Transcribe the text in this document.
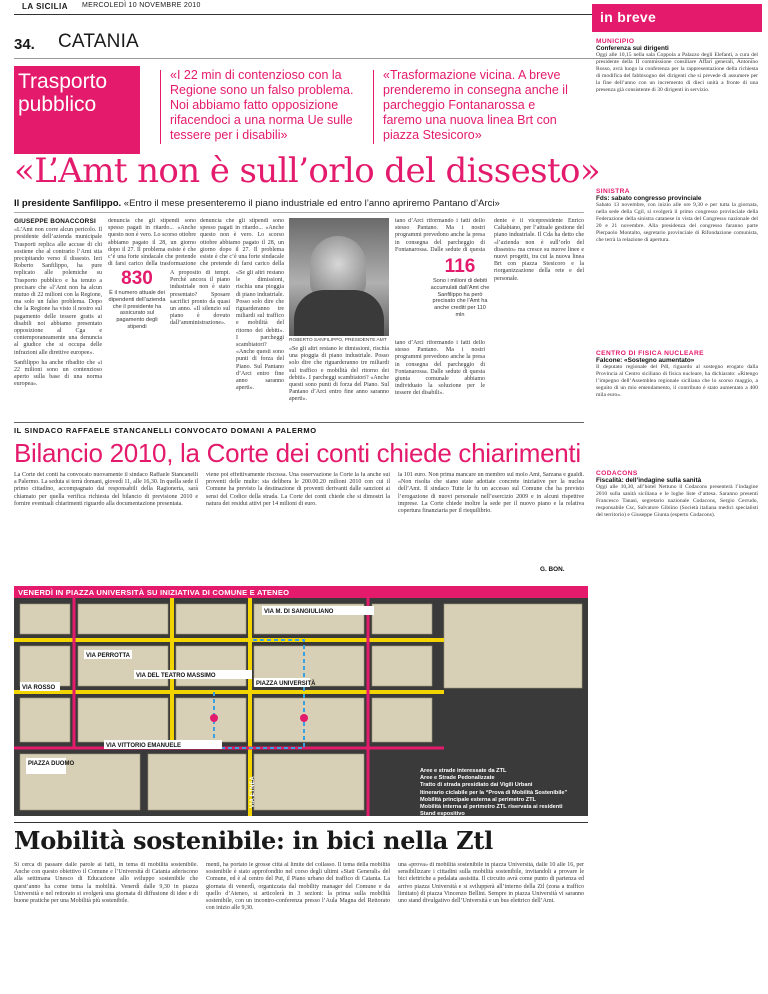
LA SICILIA MERCOLEDÌ 10 NOVEMBRE 2010
34. CATANIA
Trasporto pubblico
«I 22 min di contenzioso con la Regione sono un falso problema. Noi abbiamo fatto opposizione rifacendoci a una norma Ue sulle tessere per i disabili»
«Trasformazione vicina. A breve prenderemo in consegna anche il parcheggio Fontanarossa e faremo una nuova linea Brt con piazza Stesicoro»
«L’Amt non è sull’orlo del dissesto»
Il presidente Sanfilippo. «Entro il mese presenteremo il piano industriale ed entro l’anno apriremo Pantano d’Arci»
GIUSEPPE BONACCORSI

«L’Amt non corre alcun pericolo. Il presidente dell’azienda municipale Trasporti replica alle accuse di chi sostiene che al contrario l’Amt stia precipitando verso il dissesto. Ieri Roberto Sanfilippo, ha pure replicato alle polemiche su Trasporto pubblico e ha tenuto a precisare che «l’Amt non ha alcun mutuo di 22 milioni con la Regione, ma solo un falso problema. Dopo che la Regione ha visto il nostro sul pagamento delle tessere gratis ai disabili noi abbiamo presentato opposizione al Cga e contemporaneamente una denuncia al giudice che si occupa delle infrazioni alle direttive europee».

Sanfilippo ha anche ribadito che «i 22 milioni sono un contenzioso aperto sulla base di una norma europea».

denuncia che gli stipendi sono spesso pagati in ritardo... «Anche questo non è vero. Lo scorso ottobre abbiamo pagato il 28, un giorno dopo il 27. Il problema esiste è che c’è una forte sindacale che pretende di farsi carico della trasformazione

830
È il numero attuale dei dipendenti dell’azienda che il presidente ha assicurato sul pagamento degli stipendi

A proposito di tempi. Perché ancora il piano industriale non è stato presentato? Sposare sacrifici pronto da quasi un anno. «Il silenzio sul piano è dovuto dall’amministrazione».

denuncia che gli stipendi sono spesso pagati in ritardo... «Anche questo non è vero. Lo scorso ottobre abbiamo pagato il 28, un giorno dopo il 27. Il problema esiste è che c’è una forte sindacale che pretende di farsi carico della

ROBERTO SANFILIPPO, PRESIDENTE AMT

«Se gli altri restano le dimissioni, rischia una pioggia di piano industriale. Posso solo dire che riguarderanno tre miliardi sul traffico e mobilità del ritorno dei debiti». I parcheggi scambiatori? «Anche questi sono punti di forza del Piano. Sul Pantano d’Arci entro fine anno saranno aperti».

«Se gli altri restano le dimissioni, rischia una pioggia di piano industriale. Posso solo dire che riguarderanno tre miliardi sul traffico e mobilità del ritorno dei debiti». I parcheggi scambiatori? «Anche questi sono punti di forza del Piano. Sul Pantano d’Arci entro fine anno saranno aperti».

tano d’Arci riformando i fatti dello stesso Pantano. Ma i nostri programmi prevedono anche la presa in consegna del parcheggio di Fontanarossa. Dalle sedute di questa

116
Sono i milioni di debiti accumulati dall’Amt che Sanfilippo ha però precisato che l’Amt ha anche crediti per 110 mln

tano d’Arci riformando i fatti dello stesso Pantano. Ma i nostri programmi prevedono anche la presa in consegna del parcheggio di Fontanarossa. Dalle sedute di questa giunta comunale abbiamo individuato la soluzione per le tessere dei disabili».

dente è il vicepresidente Enrico Caltabiano, per l’attuale gestione del piano industriale. Il Cda ha detto che «l’azienda non è sull’orlo del dissesto» ma cresce su nuove linee e nuovi progetti, tra cui la nuova linea Brt con piazza Stesicoro e la riorganizzazione della rete e del personale.

in breve
MUNICIPIO
Conferenza sui dirigenti
Oggi alle 10,15 nella sala Coppola a Palazzo degli Elefanti, a cura del presidente della II commissione consiliare Affari generali, Antonino Rosso, avrà luogo la conferenza per la rappresentazione della richiesta di modifica del fabbisogno dei dirigenti che si prevede di assumere per la fine dell’anno con un incremento di dieci unità a fronte di una presenza già consistente di 30 dirigenti in servizio.
SINISTRA
Fds: sabato congresso provinciale
Sabato 13 novembre, con inizio alle ore 9,30 e per tutta la giornata, nella sede della Cgil, si svolgerà il primo congresso provinciale della Federazione della sinistra catanese in vista del Congresso nazionale del 20 e 21 novembre. Alla presidenza del congresso faranno parte Pierpaolo Montalto, segretario provinciale di Rifondazione comunista, che terrà la relazione di apertura.
CENTRO DI FISICA NUCLEARE
Falcone: «Sostegno aumentato»
Il deputato regionale del Pdl, riguardo al sostegno erogato dalla Provincia al Centro siciliano di fisica nucleare, ha dichiarato: «Ritengo l’impegno dell’Assemblea regionale siciliana che lo scorso maggio, a seguito di un mio emendamento, il contributo è stato aumentato a 400 mila euro».
CODACONS
Fiscalità: dell’indagine sulla sanità
Oggi alle 10,30, all’hotel Nettuno il Codacons presenterà l’indagine 2010 sulla sanità siciliana e le loghe liste d’attesa. Saranno presenti Francesco Tanasi, segretario nazionale Codacons, Sergio Cerrudo, responsabile Csc, Salvatore Gibiino (Società italiana medici specialisti del territorio) e Giuseppe Giunta (esperto Codacons).
IL SINDACO RAFFAELE STANCANELLI CONVOCATO DOMANI A PALERMO
Bilancio 2010, la Corte dei conti chiede chiarimenti

La Corte dei conti ha convocato nuovamente il sindaco Raffaele Stancanelli a Palermo. La seduta si terrà domani, giovedì 11, alle 16,30. In quella sede il primo cittadino, accompagnato dai responsabili della Ragioneria, sarà chiamato per quella verifica richiesta del bilancio di previsione 2010 e fornire eventuali chiarimenti riguardo alla documentazione presentata.

viene poi effettivamente riscossa. Una osservazione la Corte la fa anche sui proventi delle multe: sta delibera le 200.00.20 milioni 2010 con cui il Comune ha previsto la destinazione di proventi derivanti dalle sanzioni ai sensi del Codice della strada. La Corte dei conti chiede che si dimostri la natura dei residui attivi per 14 milioni di euro.

la 101 euro. Non prima mancare un membro sul molo Amt, Sarzana e gualdi. «Non risolta che siano state adottate concrete iniziative per la nuclea dell’Amt. Il sindaco Tutte le fu un accesso sul Comune che ha previsto l’erogazione di nuovi personale nell’esercizio 2009 e in alcuni rispettive imprese. La Corte chiede inoltre la sede per il nuovo piano e la relativa copertura finanziaria per il riequilibrio.

G. BON.
VENERDÌ IN PIAZZA UNIVERSITÀ SU INIZIATIVA DI COMUNE E ATENEO
VIA M. DI SANGIULIANO
VIA PERROTTA
VIA ROSSO
VIA DEL TEATRO MASSIMO
VIA VITTORIO EMANUELE
PIAZZA DUOMO
PIAZZA UNIVERSITÀ
VIA ETNEA
Aree e strade interessate da ZTL
Aree e Strade Pedonalizzate
Tratto di strada presidiato dai Vigili Urbani
Itinerario ciclabile per la “Prova di Mobilità Sostenibile”
Mobilità principale esterna al perimetro ZTL
Mobilità interna al perimetro ZTL riservata ai residenti
Stand espositivo
Mobilità sostenibile: in bici nella Ztl

Si cerca di passare dalle parole ai fatti, in tema di mobilità sostenibile. Anche con questo obiettivo il Comune e l’Università di Catania aderiscono alla settimana Unesco di Educazione allo sviluppo sostenibile che quest’anno ha come tema la mobilità. Venerdì dalle 9,30 in piazza Università e nel rettorato si svolgerà una giornata di diffusione di idee e di buone pratiche per una Mobilità più sostenibile.

menti, ha portato le grosse città al limite del collasso. Il tema della mobilità sostenibile è stato approfondito nel corso degli ultimi «Stati Generali» del Comune, ed è al centro del Put, il Piano urbano del traffico di Catania. La giornata di venerdì, organizzata dal mobility manager del Comune e da quello d’Ateneo, si articolerà in 3 sezioni: la prima sulla mobilità sostenibile, con un incontro-conferenza presso l’Aula Magna del Rettorato con inizio alle 9,30.

una «prova» di mobilità sostenibile in piazza Università, dalle 10 alle 16, per sensibilizzare i cittadini sulla mobilità sostenibile, invitandoli a provare le bici elettriche a pedalata assistita. Il circuito avrà come punto di partenza ed arrivo piazza Università e si svilupperà all’interno della Ztl (zona a traffico limitato) di piazza Vincenzo Bellini. Sempre in piazza Università vi saranno uno stand divulgativo dell’Università e un bus elettrico dell’Amt.
